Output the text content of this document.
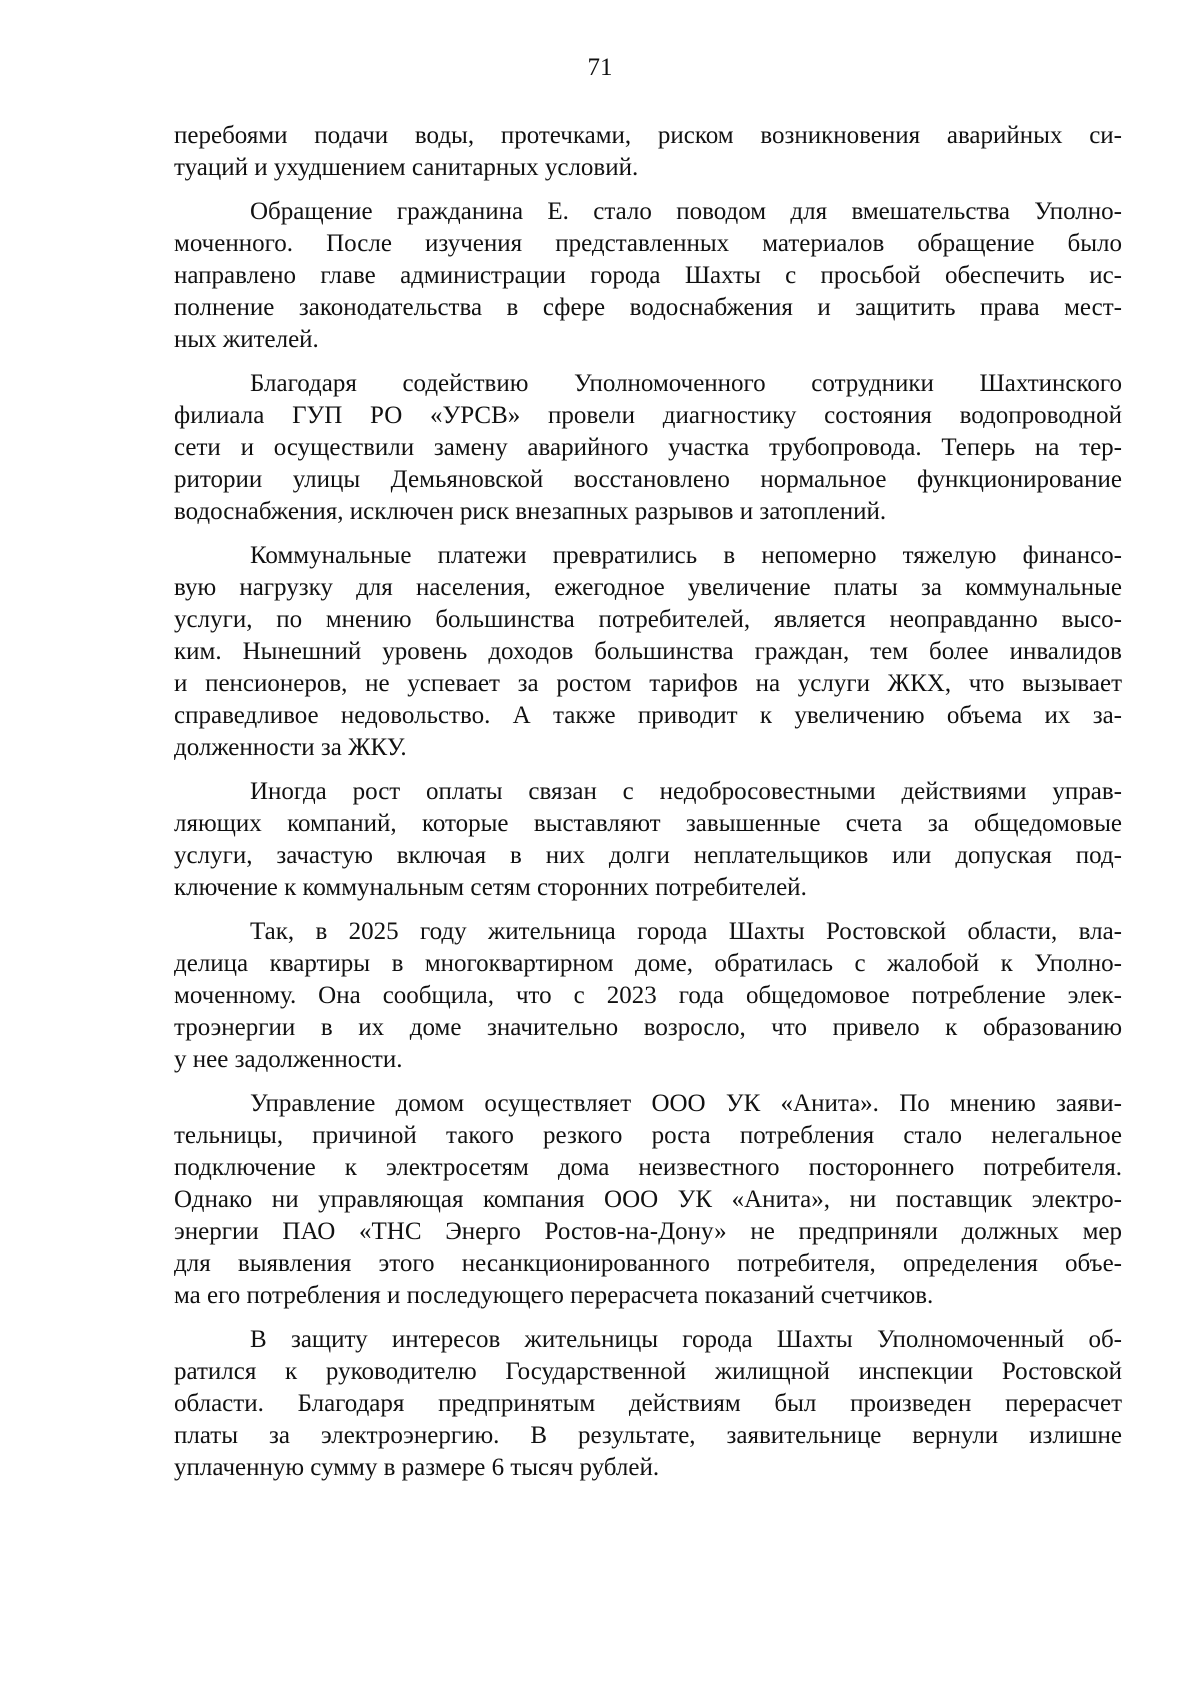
71

перебоями подачи воды, протечками, риском возникновения аварийных си-
туаций и ухудшением санитарных условий.

Обращение гражданина Е. стало поводом для вмешательства Уполно-
моченного. После изучения представленных материалов обращение было
направлено главе администрации города Шахты с просьбой обеспечить ис-
полнение законодательства в сфере водоснабжения и защитить права мест-
ных жителей.

Благодаря содействию Уполномоченного сотрудники Шахтинского
филиала ГУП РО «УРСВ» провели диагностику состояния водопроводной
сети и осуществили замену аварийного участка трубопровода. Теперь на тер-
ритории улицы Демьяновской восстановлено нормальное функционирование
водоснабжения, исключен риск внезапных разрывов и затоплений.

Коммунальные платежи превратились в непомерно тяжелую финансо-
вую нагрузку для населения, ежегодное увеличение платы за коммунальные
услуги, по мнению большинства потребителей, является неоправданно высо-
ким. Нынешний уровень доходов большинства граждан, тем более инвалидов
и пенсионеров, не успевает за ростом тарифов на услуги ЖКХ, что вызывает
справедливое недовольство. А также приводит к увеличению объема их за-
долженности за ЖКУ.

Иногда рост оплаты связан с недобросовестными действиями управ-
ляющих компаний, которые выставляют завышенные счета за общедомовые
услуги, зачастую включая в них долги неплательщиков или допуская под-
ключение к коммунальным сетям сторонних потребителей.

Так, в 2025 году жительница города Шахты Ростовской области, вла-
делица квартиры в многоквартирном доме, обратилась с жалобой к Уполно-
моченному. Она сообщила, что с 2023 года общедомовое потребление элек-
троэнергии в их доме значительно возросло, что привело к образованию
у нее задолженности.

Управление домом осуществляет ООО УК «Анита». По мнению заяви-
тельницы, причиной такого резкого роста потребления стало нелегальное
подключение к электросетям дома неизвестного постороннего потребителя.
Однако ни управляющая компания ООО УК «Анита», ни поставщик электро-
энергии ПАО «ТНС Энерго Ростов-на-Дону» не предприняли должных мер
для выявления этого несанкционированного потребителя, определения объе-
ма его потребления и последующего перерасчета показаний счетчиков.

В защиту интересов жительницы города Шахты Уполномоченный об-
ратился к руководителю Государственной жилищной инспекции Ростовской
области. Благодаря предпринятым действиям был произведен перерасчет
платы за электроэнергию. В результате, заявительнице вернули излишне
уплаченную сумму в размере 6 тысяч рублей.
